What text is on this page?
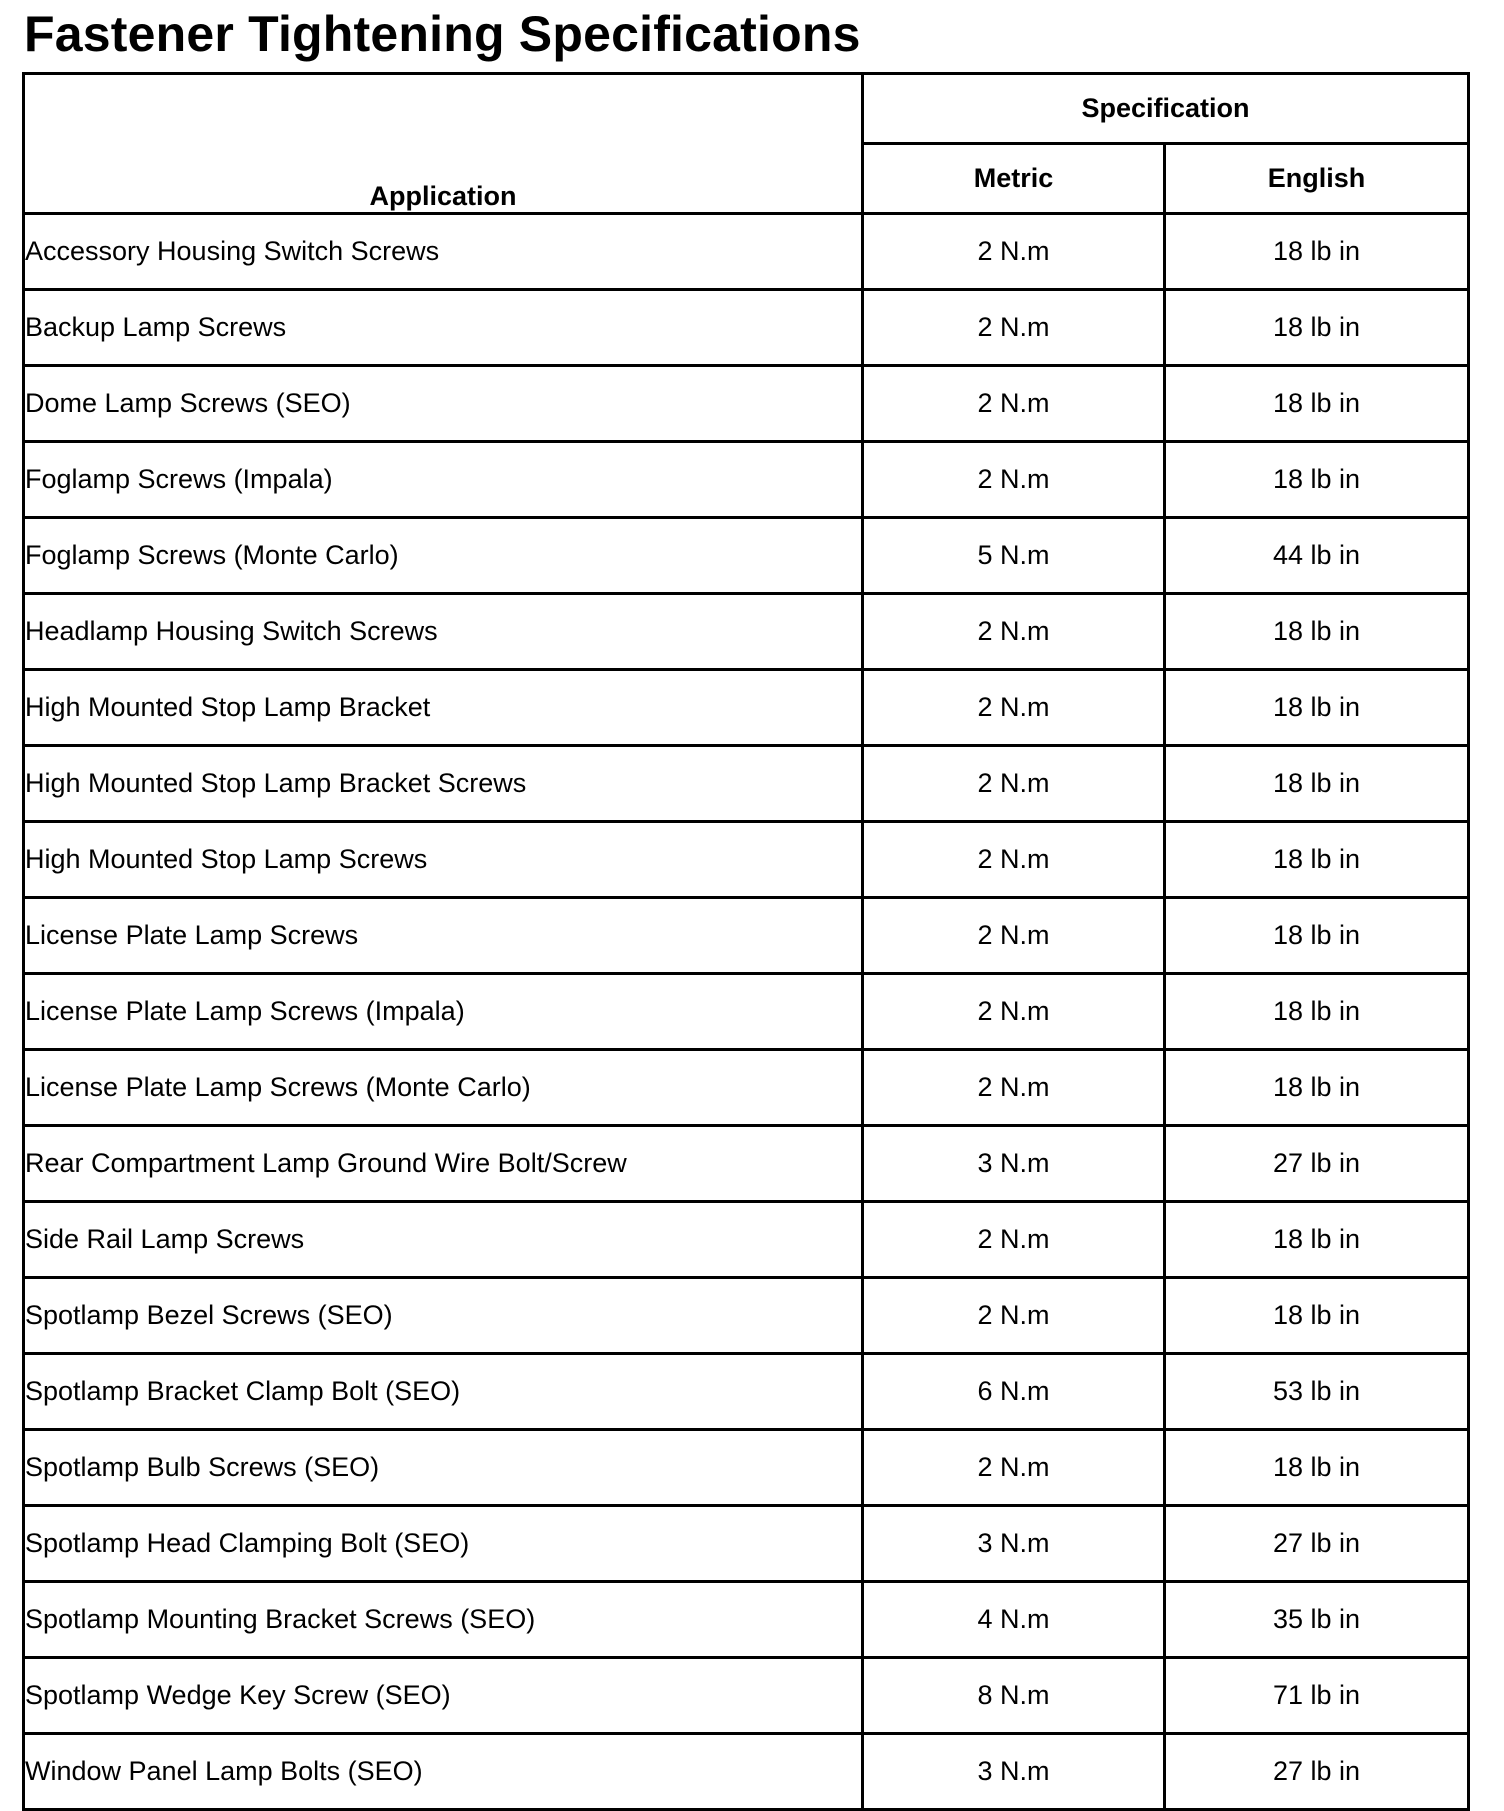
Fastener Tightening Specifications
Application	Specification	
	Metric	English
Accessory Housing Switch Screws	2 N.m	18 lb in
Backup Lamp Screws	2 N.m	18 lb in
Dome Lamp Screws (SEO)	2 N.m	18 lb in
Foglamp Screws (Impala)	2 N.m	18 lb in
Foglamp Screws (Monte Carlo)	5 N.m	44 lb in
Headlamp Housing Switch Screws	2 N.m	18 lb in
High Mounted Stop Lamp Bracket	2 N.m	18 lb in
High Mounted Stop Lamp Bracket Screws	2 N.m	18 lb in
High Mounted Stop Lamp Screws	2 N.m	18 lb in
License Plate Lamp Screws	2 N.m	18 lb in
License Plate Lamp Screws (Impala)	2 N.m	18 lb in
License Plate Lamp Screws (Monte Carlo)	2 N.m	18 lb in
Rear Compartment Lamp Ground Wire Bolt/Screw	3 N.m	27 lb in
Side Rail Lamp Screws	2 N.m	18 lb in
Spotlamp Bezel Screws (SEO)	2 N.m	18 lb in
Spotlamp Bracket Clamp Bolt (SEO)	6 N.m	53 lb in
Spotlamp Bulb Screws (SEO)	2 N.m	18 lb in
Spotlamp Head Clamping Bolt (SEO)	3 N.m	27 lb in
Spotlamp Mounting Bracket Screws (SEO)	4 N.m	35 lb in
Spotlamp Wedge Key Screw (SEO)	8 N.m	71 lb in
Window Panel Lamp Bolts (SEO)	3 N.m	27 lb in
